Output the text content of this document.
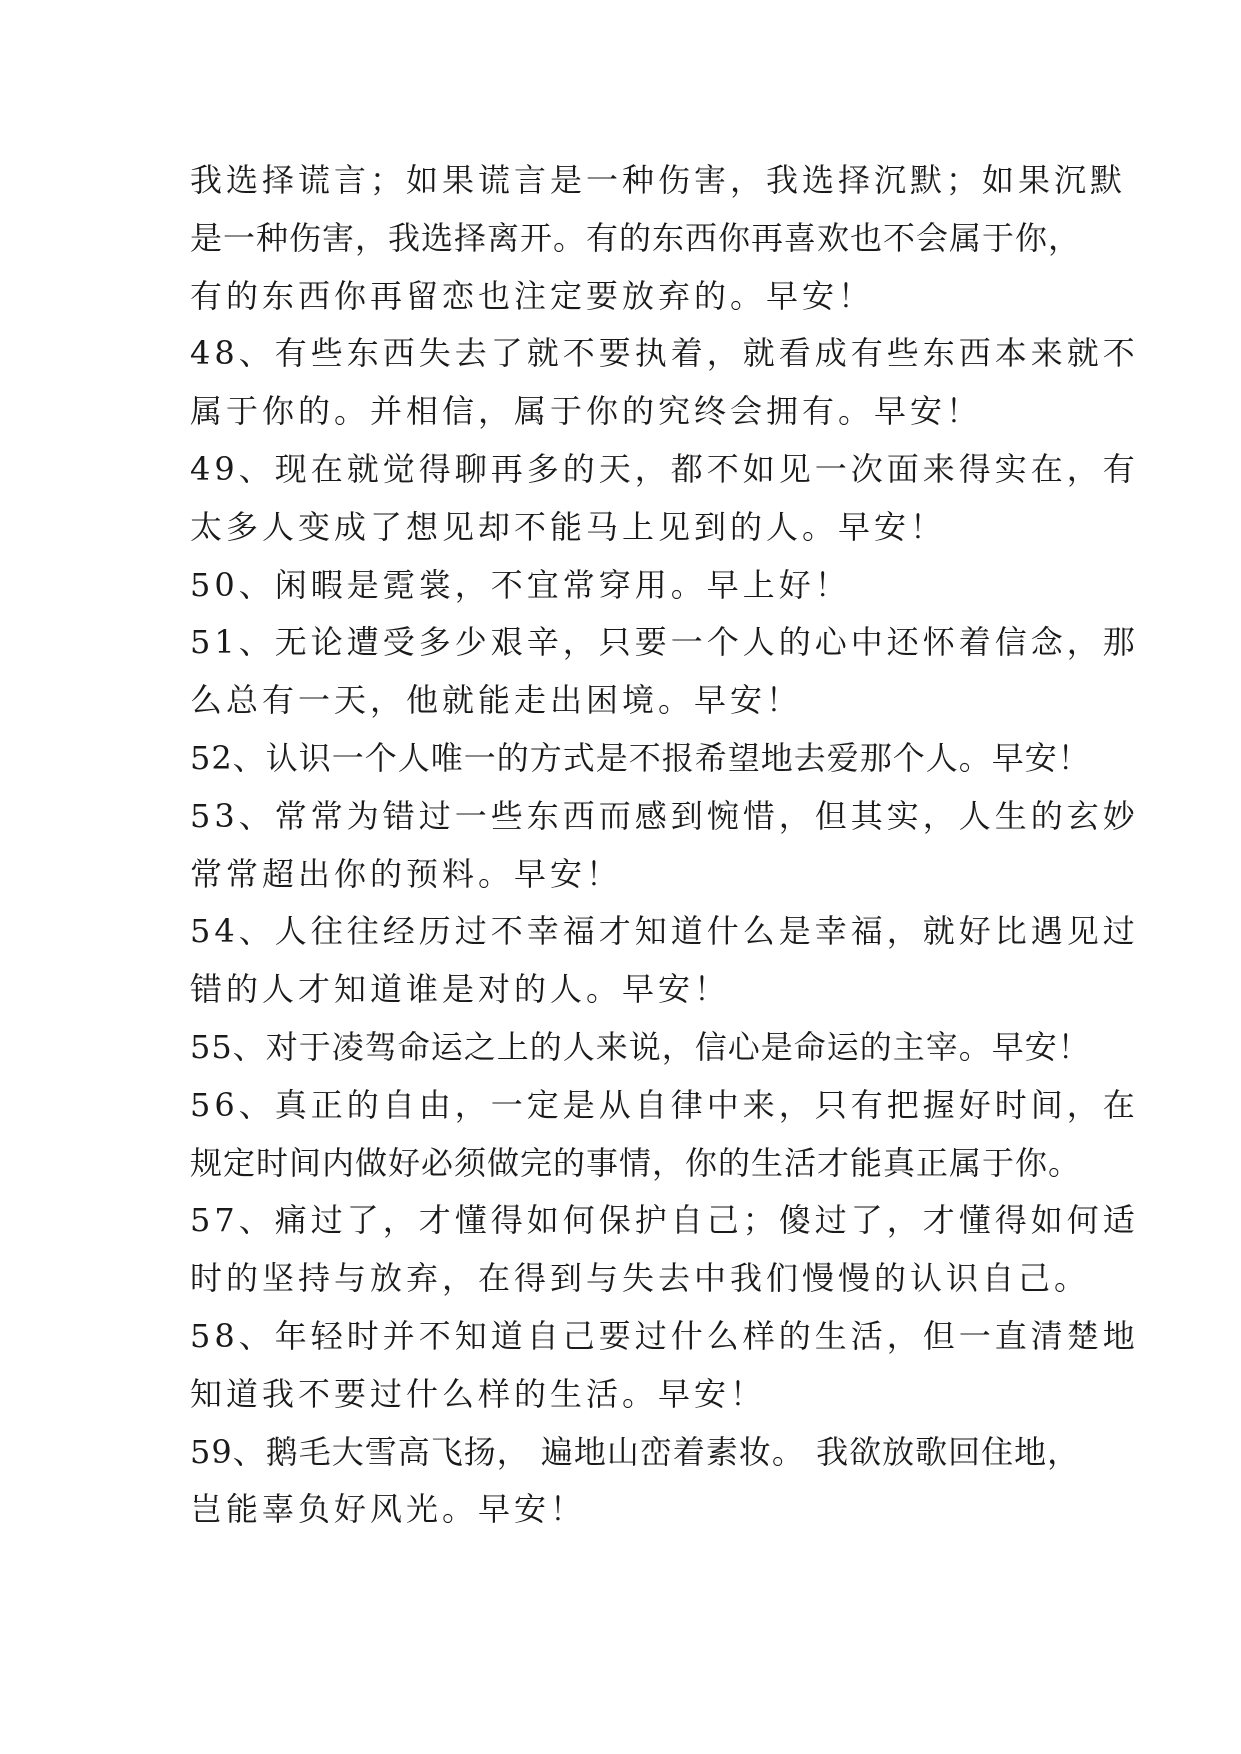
我选择谎言；如果谎言是一种伤害，我选择沉默；如果沉默
是一种伤害，我选择离开。有的东西你再喜欢也不会属于你，
有的东西你再留恋也注定要放弃的。早安！
48、有些东西失去了就不要执着，就看成有些东西本来就不
属于你的。并相信，属于你的究终会拥有。早安！
49、现在就觉得聊再多的天，都不如见一次面来得实在，有
太多人变成了想见却不能马上见到的人。早安！
50、闲暇是霓裳，不宜常穿用。早上好！
51、无论遭受多少艰辛，只要一个人的心中还怀着信念，那
么总有一天，他就能走出困境。早安！
52、认识一个人唯一的方式是不报希望地去爱那个人。早安！
53、常常为错过一些东西而感到惋惜，但其实，人生的玄妙
常常超出你的预料。早安！
54、人往往经历过不幸福才知道什么是幸福，就好比遇见过
错的人才知道谁是对的人。早安！
55、对于凌驾命运之上的人来说，信心是命运的主宰。早安！
56、真正的自由，一定是从自律中来，只有把握好时间，在
规定时间内做好必须做完的事情，你的生活才能真正属于你。
57、痛过了，才懂得如何保护自己；傻过了，才懂得如何适
时的坚持与放弃，在得到与失去中我们慢慢的认识自己。
58、年轻时并不知道自己要过什么样的生活，但一直清楚地
知道我不要过什么样的生活。早安！
59、鹅毛大雪高飞扬， 遍地山峦着素妆。 我欲放歌回住地，
岂能辜负好风光。早安！
